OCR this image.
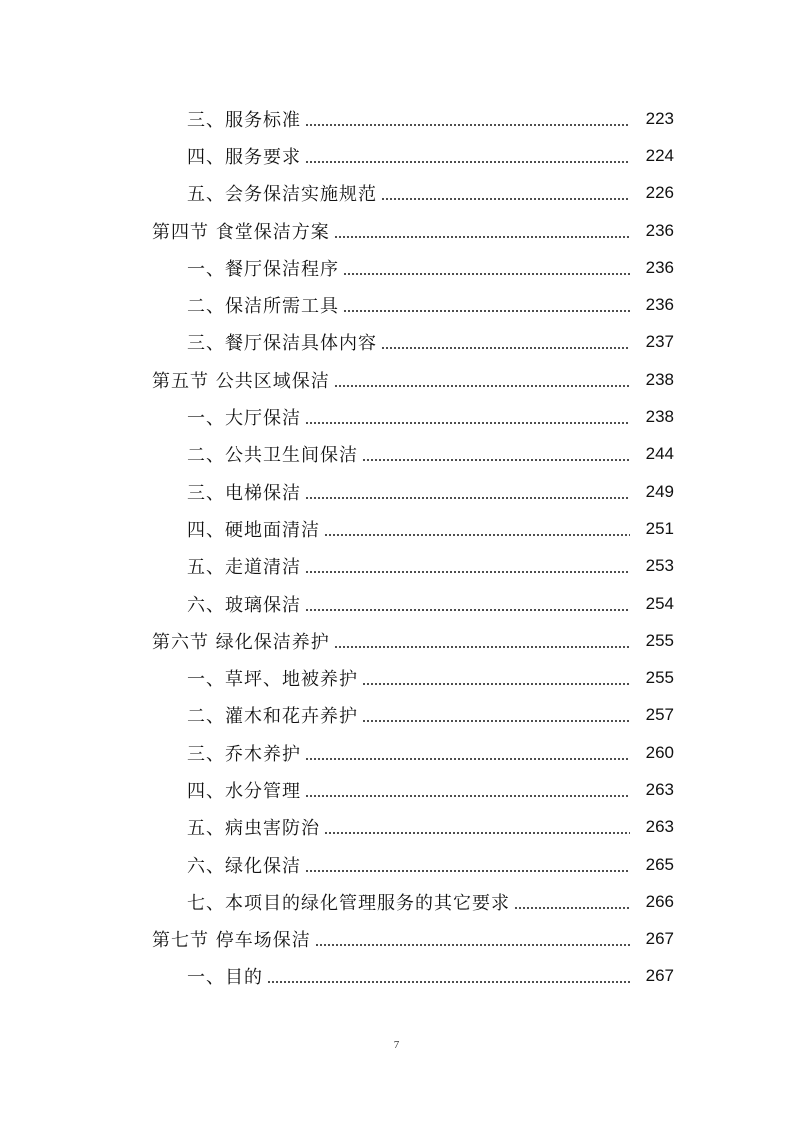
三、服务标准	223
四、服务要求	224
五、会务保洁实施规范	226
第四节 食堂保洁方案	236
一、餐厅保洁程序	236
二、保洁所需工具	236
三、餐厅保洁具体内容	237
第五节 公共区域保洁	238
一、大厅保洁	238
二、公共卫生间保洁	244
三、电梯保洁	249
四、硬地面清洁	251
五、走道清洁	253
六、玻璃保洁	254
第六节 绿化保洁养护	255
一、草坪、地被养护	255
二、灌木和花卉养护	257
三、乔木养护	260
四、水分管理	263
五、病虫害防治	263
六、绿化保洁	265
七、本项目的绿化管理服务的其它要求	266
第七节 停车场保洁	267
一、目的	267
7
